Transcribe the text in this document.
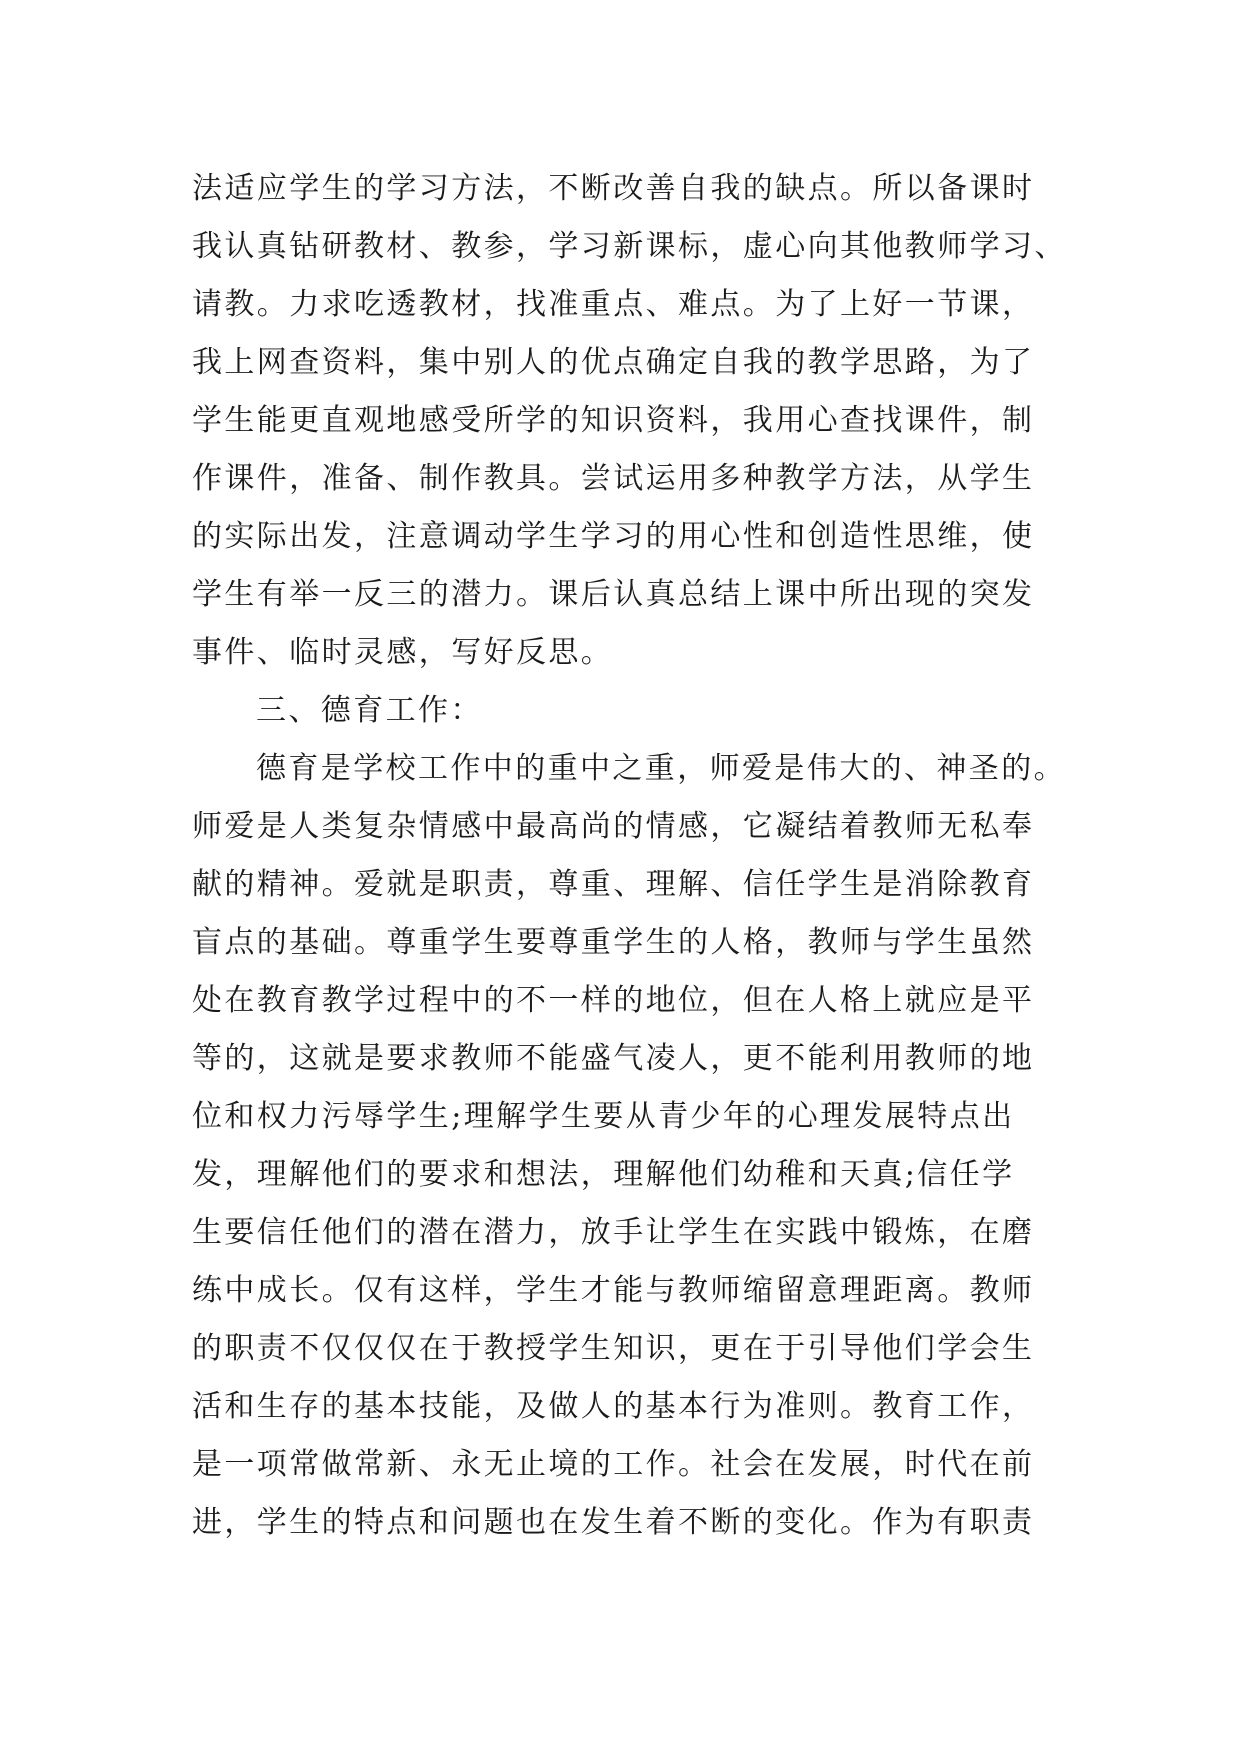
法适应学生的学习方法，不断改善自我的缺点。所以备课时
我认真钻研教材、教参，学习新课标，虚心向其他教师学习、
请教。力求吃透教材，找准重点、难点。为了上好一节课，
我上网查资料，集中别人的优点确定自我的教学思路，为了
学生能更直观地感受所学的知识资料，我用心查找课件，制
作课件，准备、制作教具。尝试运用多种教学方法，从学生
的实际出发，注意调动学生学习的用心性和创造性思维，使
学生有举一反三的潜力。课后认真总结上课中所出现的突发
事件、临时灵感，写好反思。
三、德育工作：
德育是学校工作中的重中之重，师爱是伟大的、神圣的。
师爱是人类复杂情感中最高尚的情感，它凝结着教师无私奉
献的精神。爱就是职责，尊重、理解、信任学生是消除教育
盲点的基础。尊重学生要尊重学生的人格，教师与学生虽然
处在教育教学过程中的不一样的地位，但在人格上就应是平
等的，这就是要求教师不能盛气凌人，更不能利用教师的地
位和权力污辱学生;理解学生要从青少年的心理发展特点出
发，理解他们的要求和想法，理解他们幼稚和天真;信任学
生要信任他们的潜在潜力，放手让学生在实践中锻炼，在磨
练中成长。仅有这样，学生才能与教师缩留意理距离。教师
的职责不仅仅仅在于教授学生知识，更在于引导他们学会生
活和生存的基本技能，及做人的基本行为准则。教育工作，
是一项常做常新、永无止境的工作。社会在发展，时代在前
进，学生的特点和问题也在发生着不断的变化。作为有职责
